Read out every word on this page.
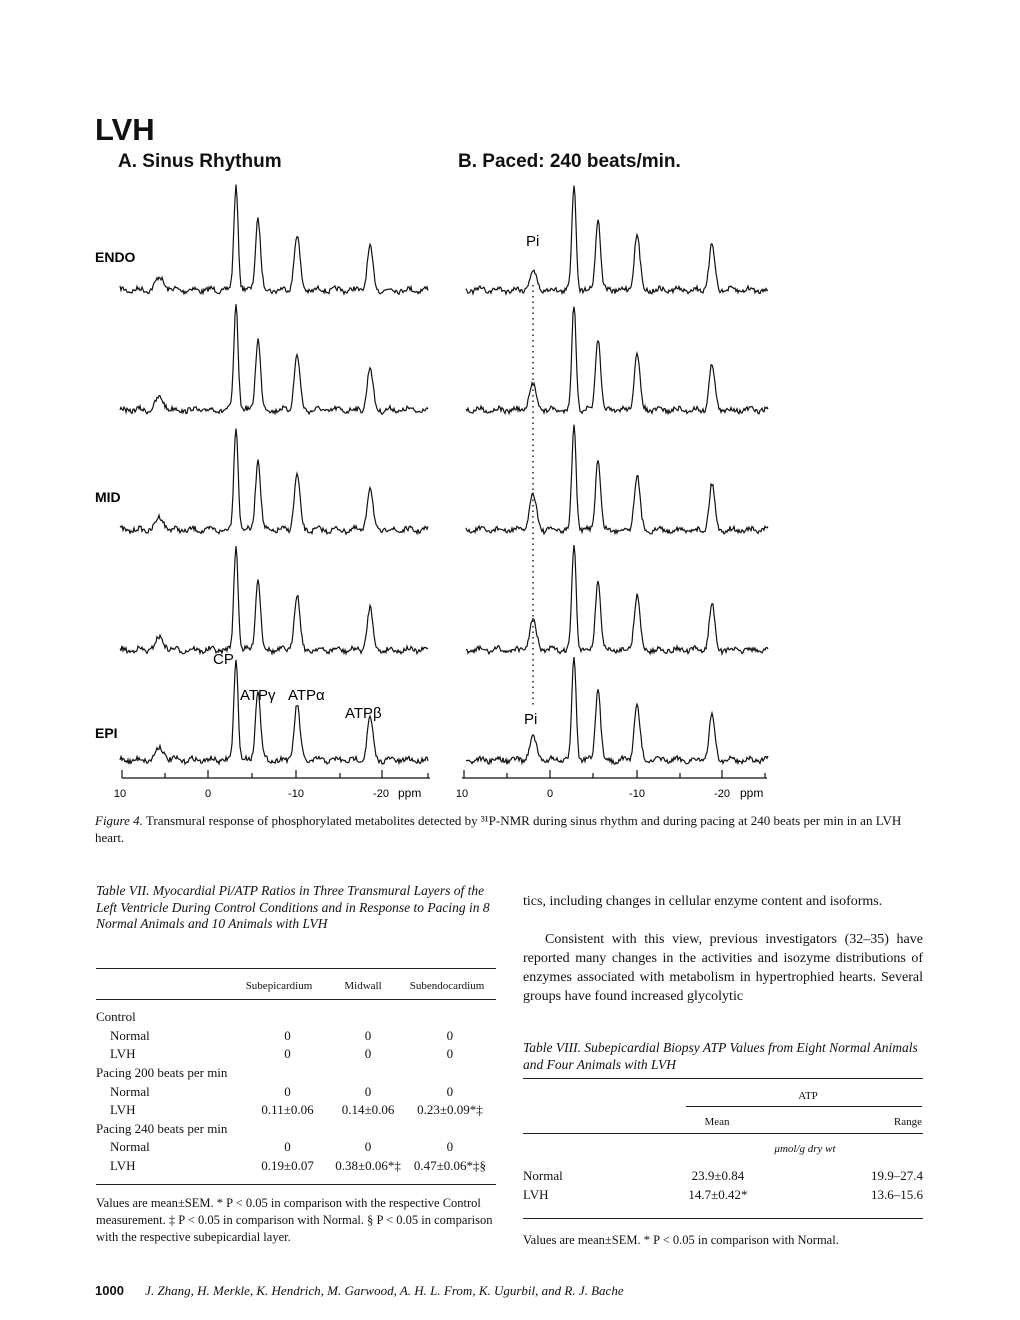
LVH
A. Sinus Rhythum	B. Paced: 240 beats/min.
ENDO
MID
EPI
CP
ATPγ ATPα
ATPβ
Pi
Pi
10	0	-10	-20 ppm	10	0	-10	-20 ppm
Figure 4. Transmural response of phosphorylated metabolites detected by ³¹P-NMR during sinus rhythm and during pacing at 240 beats per min in an LVH heart.
Table VII. Myocardial Pi/ATP Ratios in Three Transmural Layers of the Left Ventricle During Control Conditions and in Response to Pacing in 8 Normal Animals and 10 Animals with LVH
Subepicardium	Midwall	Subendocardium
Control			
Normal	0	0	0
LVH	0	0	0
Pacing 200 beats per min			
Normal	0	0	0
LVH	0.11±0.06	0.14±0.06	0.23±0.09*‡
Pacing 240 beats per min			
Normal	0	0	0
LVH	0.19±0.07	0.38±0.06*‡	0.47±0.06*‡§
Values are mean±SEM. * P < 0.05 in comparison with the respective Control measurement. ‡ P < 0.05 in comparison with Normal. § P < 0.05 in comparison with the respective subepicardial layer.
tics, including changes in cellular enzyme content and isoforms.
Consistent with this view, previous investigators (32–35) have reported many changes in the activities and isozyme distributions of enzymes associated with metabolism in hypertrophied hearts. Several groups have found increased glycolytic
Table VIII. Subepicardial Biopsy ATP Values from Eight Normal Animals and Four Animals with LVH
ATP
Mean	Range
μmol/g dry wt
Normal	23.9±0.84	19.9–27.4
LVH	14.7±0.42*	13.6–15.6
Values are mean±SEM. * P < 0.05 in comparison with Normal.
1000 J. Zhang, H. Merkle, K. Hendrich, M. Garwood, A. H. L. From, K. Ugurbil, and R. J. Bache
